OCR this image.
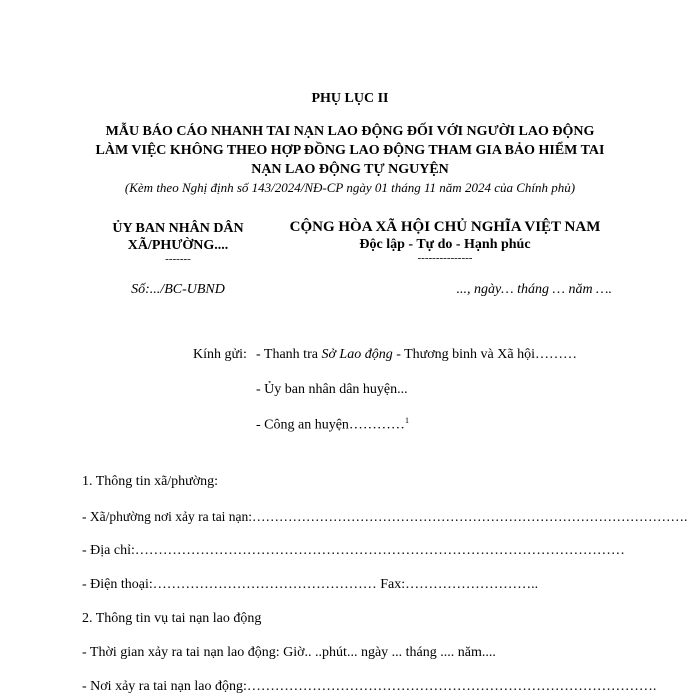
PHỤ LỤC II
MẪU BÁO CÁO NHANH TAI NẠN LAO ĐỘNG ĐỐI VỚI NGƯỜI LAO ĐỘNG
LÀM VIỆC KHÔNG THEO HỢP ĐỒNG LAO ĐỘNG THAM GIA BẢO HIỂM TAI
NẠN LAO ĐỘNG TỰ NGUYỆN
(Kèm theo Nghị định số 143/2024/NĐ-CP ngày 01 tháng 11 năm 2024 của Chính phủ)
ỦY BAN NHÂN DÂN
XÃ/PHƯỜNG....
-------
Số:.../BC-UBND
CỘNG HÒA XÃ HỘI CHỦ NGHĨA VIỆT NAM
Độc lập - Tự do - Hạnh phúc
---------------
..., ngày… tháng … năm ….
Kính gửi: - Thanh tra Sở Lao động - Thương binh và Xã hội………
- Ủy ban nhân dân huyện...
- Công an huyện…………$^1$
1. Thông tin xã/phường:
- Xã/phường nơi xảy ra tai nạn:…………………………………………………………………………………….
- Địa chỉ:……………………………………………………………………………………………
- Điện thoại:………………………………………… Fax:………………………..
2. Thông tin vụ tai nạn lao động
- Thời gian xảy ra tai nạn lao động: Giờ.. ..phút... ngày ... tháng .... năm....
- Nơi xảy ra tai nạn lao động:…………………………………………………………………………….
